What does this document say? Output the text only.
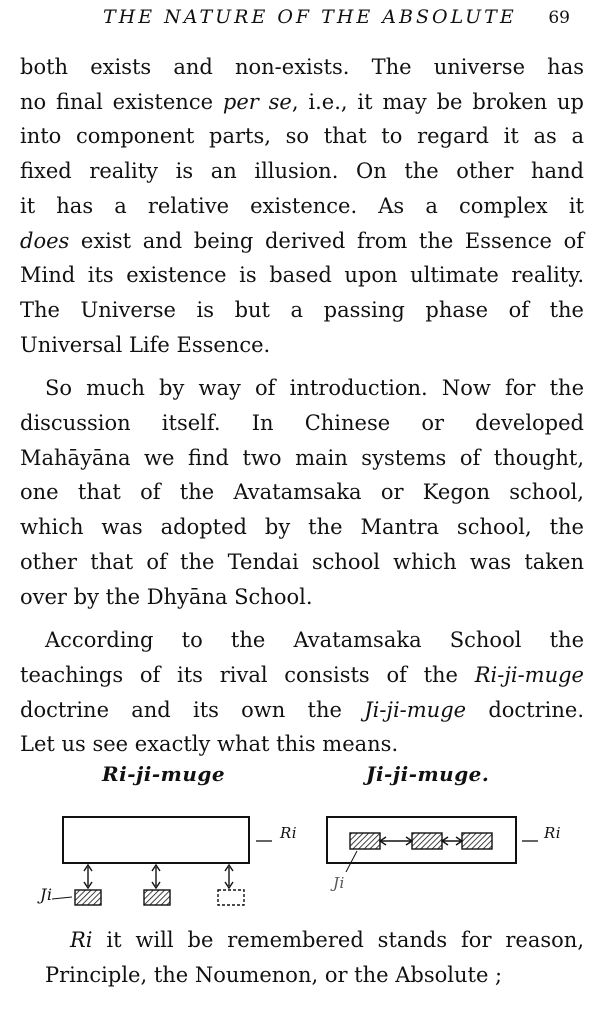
THE NATURE OF THE ABSOLUTE 69

both exists and non-exists. The universe has
no final existence per se, i.e., it may be broken up
into component parts, so that to regard it as a
fixed reality is an illusion. On the other hand
it has a relative existence. As a complex it
does exist and being derived from the Essence of
Mind its existence is based upon ultimate reality.
The Universe is but a passing phase of the
Universal Life Essence.

So much by way of introduction. Now for the
discussion itself. In Chinese or developed
Mahāyāna we find two main systems of thought,
one that of the Avatamsaka or Kegon school,
which was adopted by the Mantra school, the
other that of the Tendai school which was taken
over by the Dhyāna School.

According to the Avatamsaka School the
teachings of its rival consists of the Ri-ji-muge
doctrine and its own the Ji-ji-muge doctrine.
Let us see exactly what this means.

Ri-ji-muge	Ji-ji-muge.
Ri
Ji
Ri
Ji

Ri it will be remembered stands for reason,
Principle, the Noumenon, or the Absolute ;
